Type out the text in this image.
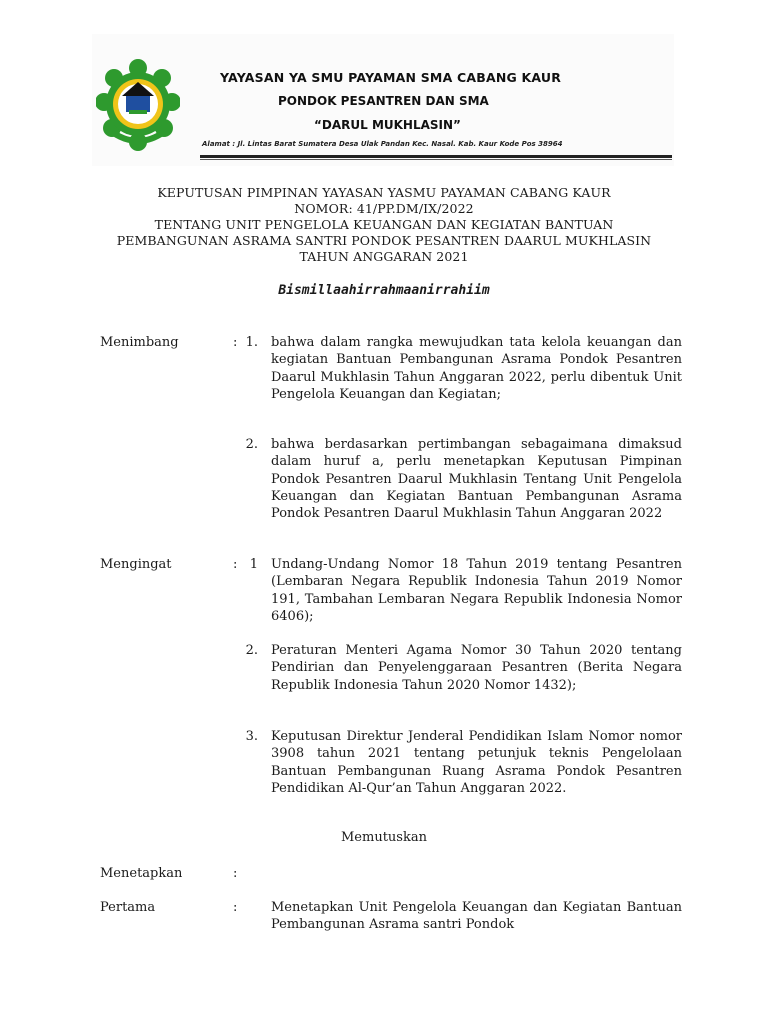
YAYASAN YA SMU PAYAMAN SMA CABANG KAUR
PONDOK PESANTREN DAN SMA
“DARUL MUKHLASIN”
Alamat : Jl. Lintas Barat Sumatera Desa Ulak Pandan Kec. Nasal. Kab. Kaur Kode Pos 38964
KEPUTUSAN PIMPINAN YAYASAN YASMU PAYAMAN CABANG KAUR
NOMOR: 41/PP.DM/IX/2022
TENTANG UNIT PENGELOLA KEUANGAN DAN KEGIATAN BANTUAN
PEMBANGUNAN ASRAMA SANTRI PONDOK PESANTREN DAARUL MUKHLASIN
TAHUN ANGGARAN 2021
Bismillaahirrahmaanirrahiim
Menimbang	: 1. bahwa dalam rangka mewujudkan tata kelola keuangan dan kegiatan Bantuan Pembangunan Asrama Pondok Pesantren Daarul Mukhlasin Tahun Anggaran 2022, perlu dibentuk Unit Pengelola Keuangan dan Kegiatan;
2. bahwa berdasarkan pertimbangan sebagaimana dimaksud dalam huruf a, perlu menetapkan Keputusan Pimpinan Pondok Pesantren Daarul Mukhlasin Tentang Unit Pengelola Keuangan dan Kegiatan Bantuan Pembangunan Asrama Pondok Pesantren Daarul Mukhlasin Tahun Anggaran 2022
Mengingat	: 1 Undang-Undang Nomor 18 Tahun 2019 tentang Pesantren (Lembaran Negara Republik Indonesia Tahun 2019 Nomor 191, Tambahan Lembaran Negara Republik Indonesia Nomor 6406);
2. Peraturan Menteri Agama Nomor 30 Tahun 2020 tentang Pendirian dan Penyelenggaraan Pesantren (Berita Negara Republik Indonesia Tahun 2020 Nomor 1432);
3. Keputusan Direktur Jenderal Pendidikan Islam Nomor nomor 3908 tahun 2021 tentang petunjuk teknis Pengelolaan Bantuan Pembangunan Ruang Asrama Pondok Pesantren Pendidikan Al-Qur’an Tahun Anggaran 2022.
Memutuskan
Menetapkan	:
Pertama	:	Menetapkan Unit Pengelola Keuangan dan Kegiatan Bantuan Pembangunan Asrama santri Pondok
